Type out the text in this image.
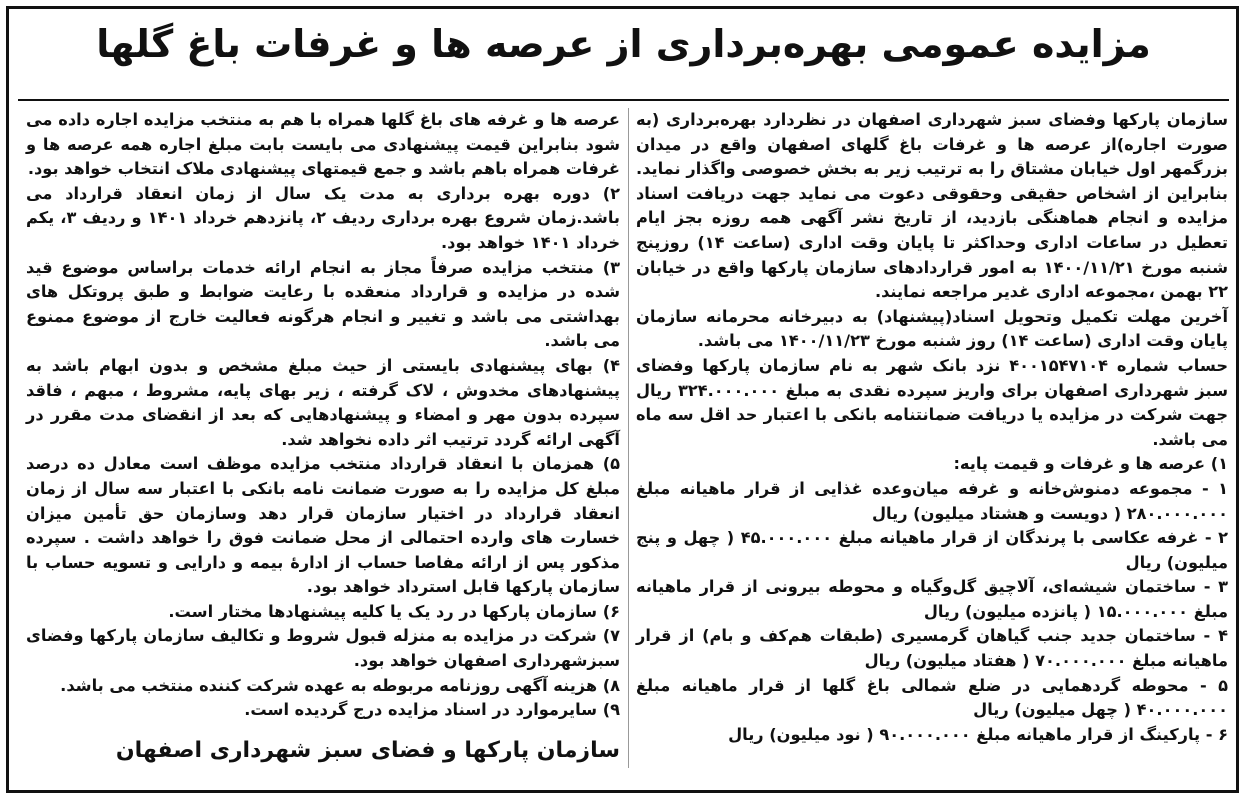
مزایده عمومی بهره‌برداری از عرصه ها و غرفات باغ گلها

سازمان پارکها وفضای سبز شهرداری اصفهان در نظردارد بهره‌برداری (به صورت اجاره)از عرصه ها و غرفات باغ گلهای اصفهان واقع در میدان بزرگمهر اول خیابان مشتاق را به ترتیب زیر به بخش خصوصی واگذار نماید. بنابراین از اشخاص حقیقی وحقوقی دعوت می نماید جهت دریافت اسناد مزایده و انجام هماهنگی بازدید، از تاریخ نشر آگهی همه روزه بجز ایام تعطیل در ساعات اداری وحداکثر تا پایان وقت اداری (ساعت ۱۴) روزپنج شنبه مورخ ۱۴۰۰/۱۱/۲۱ به امور قراردادهای سازمان پارکها واقع در خیابان ۲۲ بهمن ،مجموعه اداری غدیر مراجعه نمایند.

آخرین مهلت تکمیل وتحویل اسناد(پیشنهاد) به دبیرخانه محرمانه سازمان پایان وقت اداری (ساعت ۱۴) روز شنبه مورخ ۱۴۰۰/۱۱/۲۳ می باشد.

حساب شماره ۴۰۰۱۵۴۷۱۰۴ نزد بانک شهر به نام سازمان پارکها وفضای سبز شهرداری اصفهان برای واریز سپرده نقدی به مبلغ ۳۲۴.۰۰۰.۰۰۰ ریال جهت شرکت در مزایده یا دریافت ضمانتنامه بانکی با اعتبار حد اقل سه ماه می باشد.

۱) عرصه ها و غرفات و قیمت پایه:

۱ - مجموعه دمنوش‌خانه و غرفه میان‌وعده غذایی از قرار ماهیانه مبلغ ۲۸۰.۰۰۰.۰۰۰ ( دویست و هشتاد میلیون) ریال

۲ - غرفه عکاسی با پرندگان از قرار ماهیانه مبلغ ۴۵.۰۰۰.۰۰۰ ( چهل و پنج میلیون) ریال

۳ - ساختمان شیشه‌ای، آلاچیق گل‌وگیاه و محوطه بیرونی از قرار ماهیانه مبلغ ۱۵.۰۰۰.۰۰۰ ( پانزده میلیون) ریال

۴ - ساختمان جدید جنب گیاهان گرمسیری (طبقات هم‌کف و بام) از قرار ماهیانه مبلغ ۷۰.۰۰۰.۰۰۰ ( هفتاد میلیون) ریال

۵ - محوطه گردهمایی در ضلع شمالی باغ گلها از قرار ماهیانه مبلغ ۴۰.۰۰۰.۰۰۰ ( چهل میلیون) ریال

۶ - پارکینگ از قرار ماهیانه مبلغ ۹۰.۰۰۰.۰۰۰ ( نود میلیون) ریال

عرصه ها و غرفه های باغ گلها همراه با هم به منتخب مزایده اجاره داده می شود بنابراین قیمت پیشنهادی می بایست بابت مبلغ اجاره همه عرصه ها و غرفات همراه باهم باشد و جمع قیمتهای پیشنهادی ملاک انتخاب خواهد بود.

۲) دوره بهره برداری به مدت یک سال از زمان انعقاد قرارداد می باشد.زمان شروع بهره برداری ردیف ۲، پانزدهم خرداد ۱۴۰۱ و ردیف ۳، یکم خرداد ۱۴۰۱ خواهد بود.

۳) منتخب مزایده صرفاً مجاز به انجام ارائه خدمات براساس موضوع قید شده در مزایده و قرارداد منعقده با رعایت ضوابط و طبق پروتکل های بهداشتی می باشد و تغییر و انجام هرگونه فعالیت خارج از موضوع ممنوع می باشد.

۴) بهای پیشنهادی بایستی از حیث مبلغ مشخص و بدون ابهام باشد به پیشنهادهای مخدوش ، لاک گرفته ، زیر بهای پایه، مشروط ، مبهم ، فاقد سپرده بدون مهر و امضاء و پیشنهادهایی که بعد از انقضای مدت مقرر در آگهی ارائه گردد ترتیب اثر داده نخواهد شد.

۵) همزمان با انعقاد قرارداد منتخب مزایده موظف است معادل ده درصد مبلغ کل مزایده را به صورت ضمانت نامه بانکی با اعتبار سه سال از زمان انعقاد قرارداد در اختیار سازمان قرار دهد وسازمان حق تأمین میزان خسارت های وارده احتمالی از محل ضمانت فوق را خواهد داشت . سپرده مذکور پس از ارائه مفاصا حساب از ادارهٔ بیمه و دارایی و تسویه حساب با سازمان پارکها قابل استرداد خواهد بود.

۶) سازمان پارکها در رد یک یا کلیه پیشنهادها مختار است.

۷) شرکت در مزایده به منزله قبول شروط و تکالیف سازمان پارکها وفضای سبزشهرداری اصفهان خواهد بود.

۸) هزینه آگهی روزنامه مربوطه به عهده شرکت کننده منتخب می باشد.

۹) سایرموارد در اسناد مزایده درج گردیده است.

سازمان پارکها و فضای سبز شهرداری اصفهان
